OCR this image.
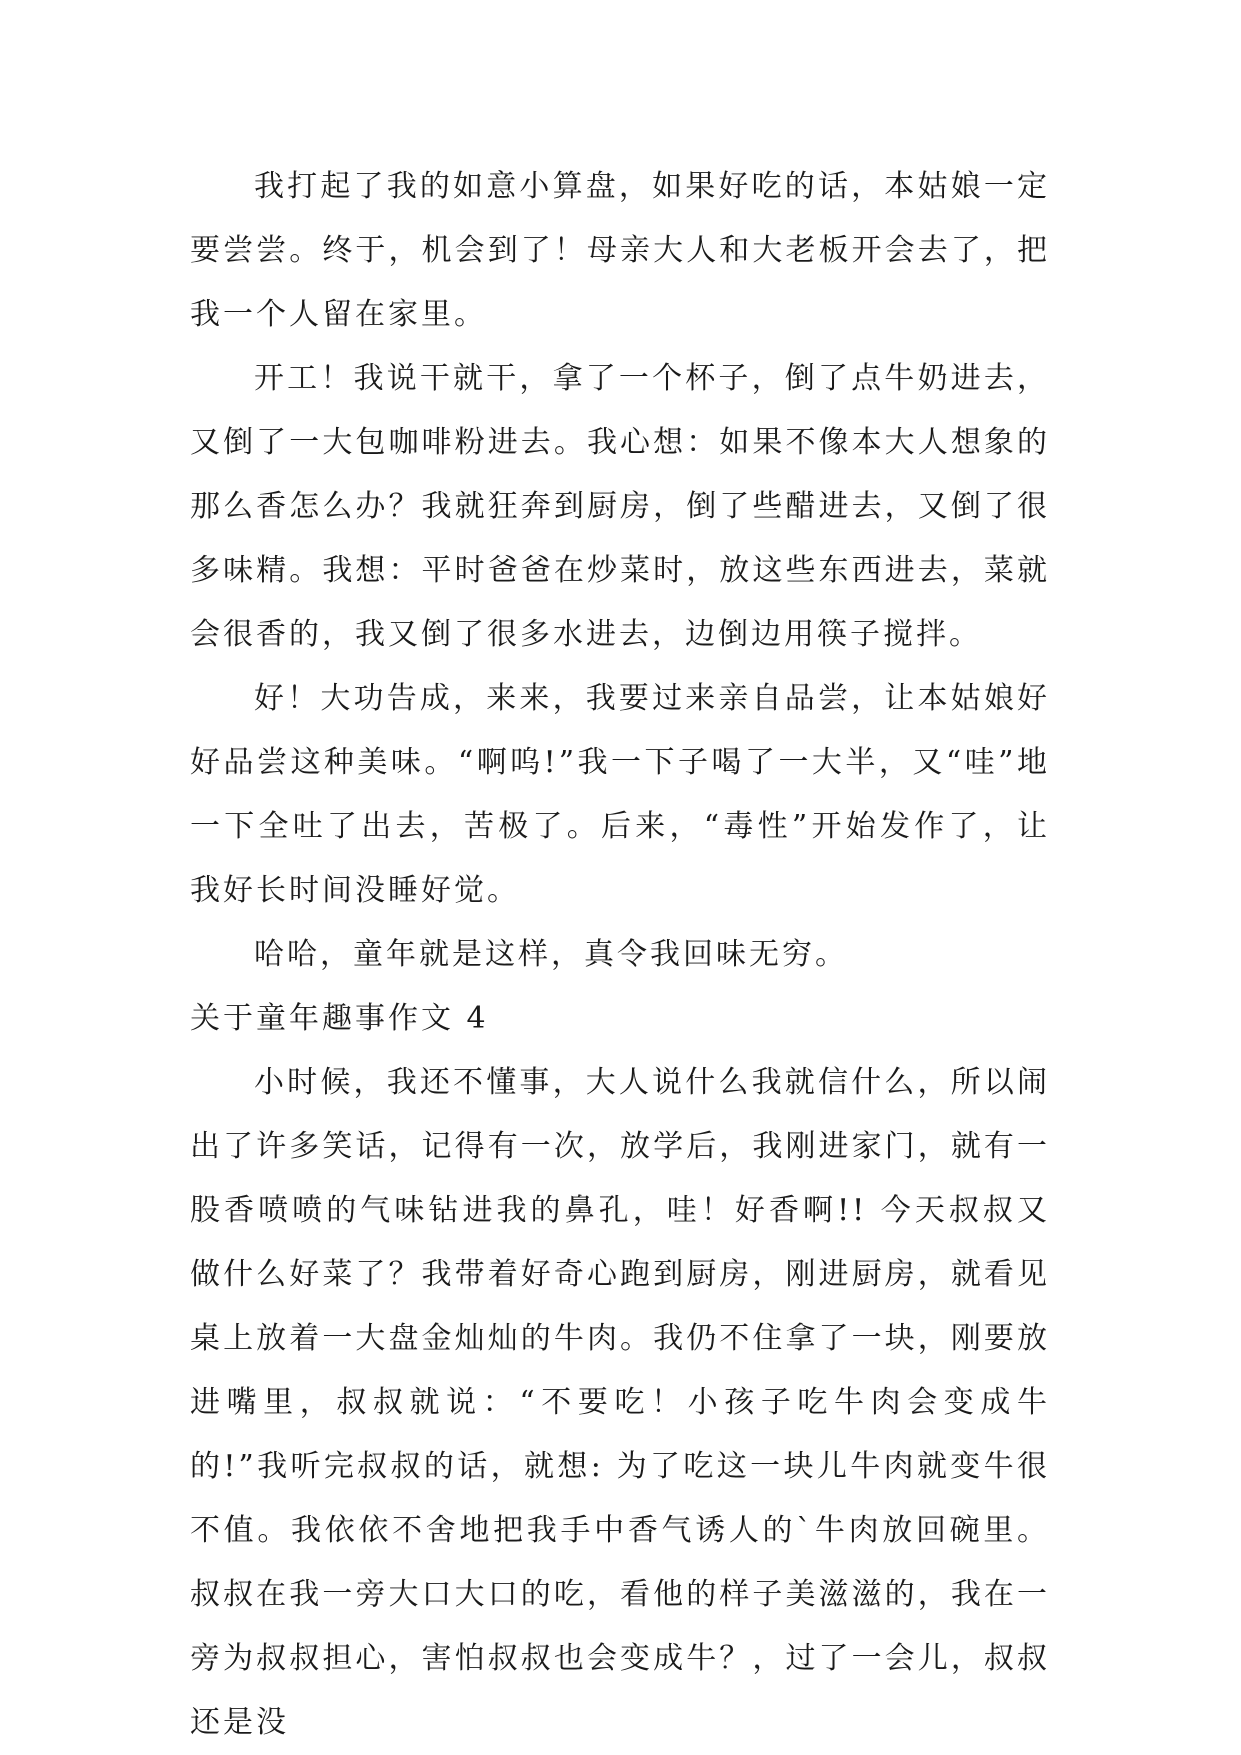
我打起了我的如意小算盘，如果好吃的话，本姑娘一定要尝尝。终于，机会到了！母亲大人和大老板开会去了，把我一个人留在家里。

开工！我说干就干，拿了一个杯子，倒了点牛奶进去，又倒了一大包咖啡粉进去。我心想：如果不像本大人想象的那么香怎么办？我就狂奔到厨房，倒了些醋进去，又倒了很多味精。我想：平时爸爸在炒菜时，放这些东西进去，菜就会很香的，我又倒了很多水进去，边倒边用筷子搅拌。

好！大功告成，来来，我要过来亲自品尝，让本姑娘好好品尝这种美味。“啊呜!”我一下子喝了一大半，又“哇”地一下全吐了出去，苦极了。后来，“毒性”开始发作了，让我好长时间没睡好觉。

哈哈，童年就是这样，真令我回味无穷。

关于童年趣事作文 4

小时候，我还不懂事，大人说什么我就信什么，所以闹出了许多笑话，记得有一次，放学后，我刚进家门，就有一股香喷喷的气味钻进我的鼻孔，哇！好香啊!! 今天叔叔又做什么好菜了？我带着好奇心跑到厨房，刚进厨房，就看见桌上放着一大盘金灿灿的牛肉。我仍不住拿了一块，刚要放进嘴里，叔叔就说：“不要吃！小孩子吃牛肉会变成牛的!”我听完叔叔的话，就想: 为了吃这一块儿牛肉就变牛很不值。我依依不舍地把我手中香气诱人的`牛肉放回碗里。叔叔在我一旁大口大口的吃，看他的样子美滋滋的，我在一旁为叔叔担心，害怕叔叔也会变成牛？，过了一会儿，叔叔还是没
